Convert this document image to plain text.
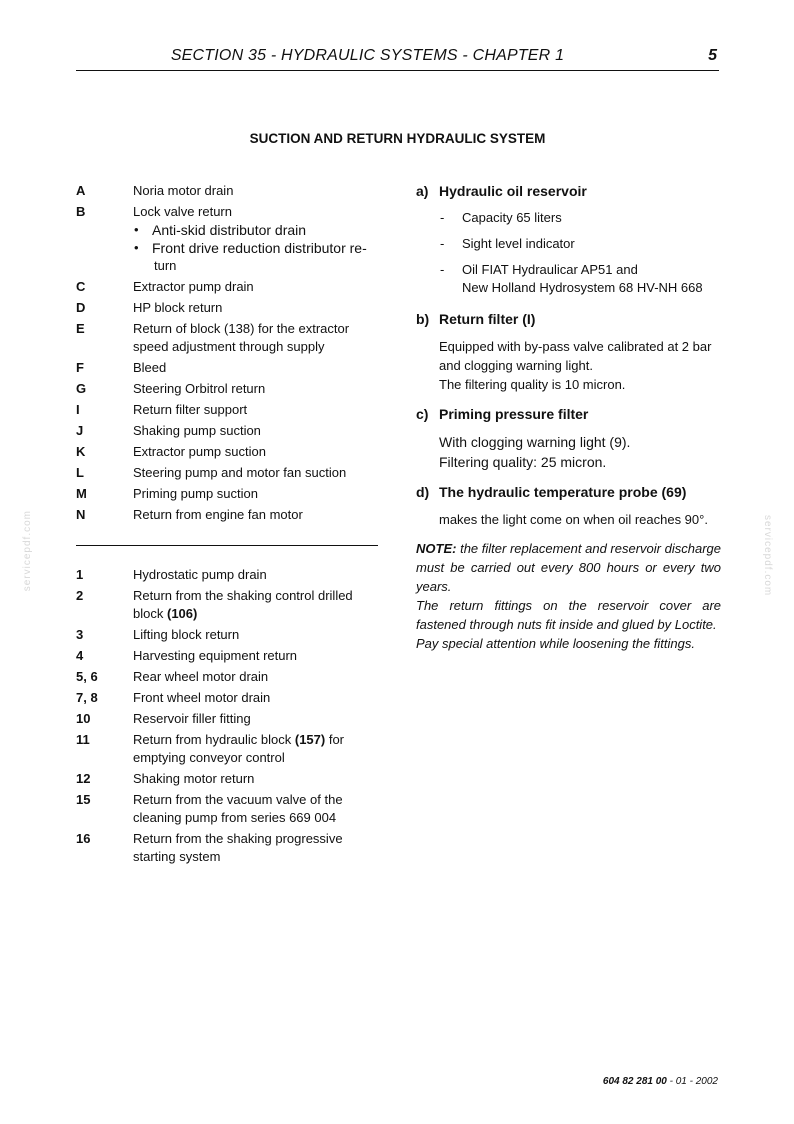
SECTION 35 - HYDRAULIC SYSTEMS - CHAPTER 1	5
SUCTION AND RETURN HYDRAULIC SYSTEM
A	Noria motor drain
B	Lock valve return
• Anti-skid distributor drain
• Front drive reduction distributor re-
turn
C	Extractor pump drain
D	HP block return
E	Return of block (138) for the extractor speed adjustment through supply
F	Bleed
G	Steering Orbitrol return
I	Return filter support
J	Shaking pump suction
K	Extractor pump suction
L	Steering pump and motor fan suction
M	Priming pump suction
N	Return from engine fan motor
1	Hydrostatic pump drain
2	Return from the shaking control drilled block (106)
3	Lifting block return
4	Harvesting equipment return
5, 6	Rear wheel motor drain
7, 8	Front wheel motor drain
10	Reservoir filler fitting
11	Return from hydraulic block (157) for emptying conveyor control
12	Shaking motor return
15	Return from the vacuum valve of the cleaning pump from series 669 004
16	Return from the shaking progressive starting system
a) Hydraulic oil reservoir
-	Capacity 65 liters
-	Sight level indicator
-	Oil FIAT Hydraulicar AP51 and
New Holland Hydrosystem 68 HV-NH 668
b) Return filter (I)
Equipped with by-pass valve calibrated at 2 bar
and clogging warning light.
The filtering quality is 10 micron.
c) Priming pressure filter
With clogging warning light (9).
Filtering quality: 25 micron.
d) The hydraulic temperature probe (69)
makes the light come on when oil reaches 90°.
NOTE: the filter replacement and reservoir discharge must be carried out every 800 hours or every two years.
The return fittings on the reservoir cover are fastened through nuts fit inside and glued by Loctite.
Pay special attention while loosening the fittings.
servicepdf.com	servicepdf.com
604 82 281 00 - 01 - 2002
